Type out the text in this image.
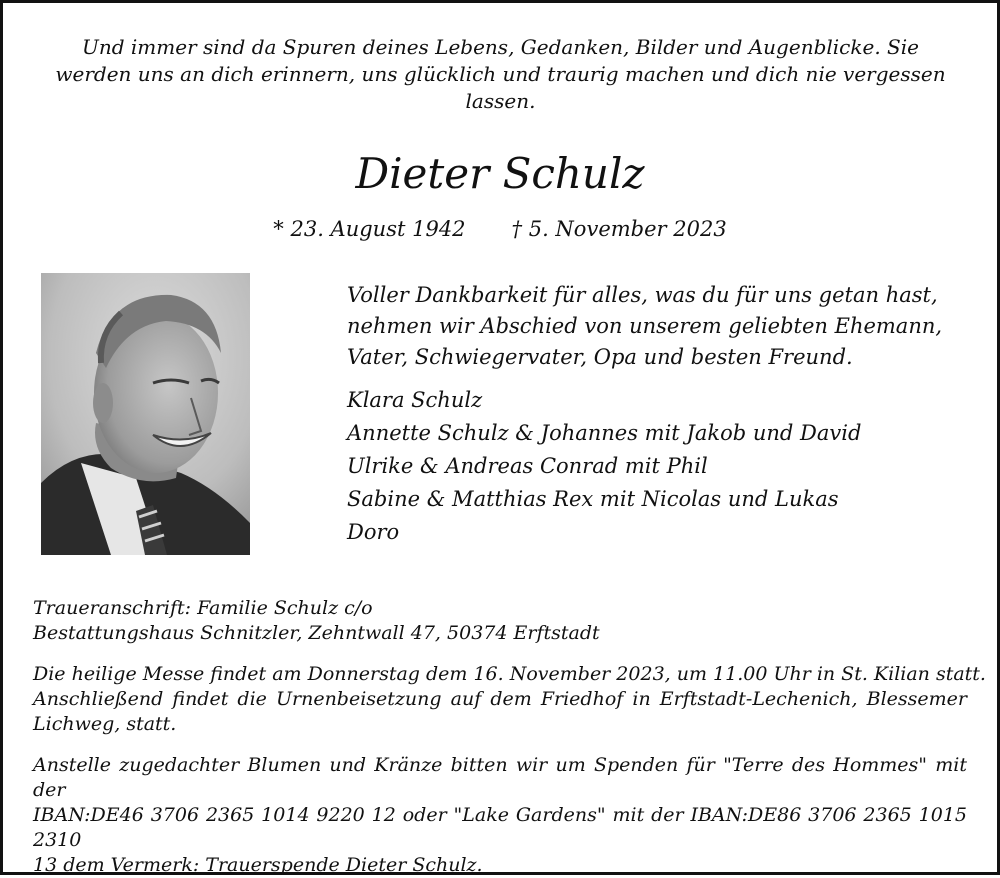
Und immer sind da Spuren deines Lebens, Gedanken, Bilder und Augenblicke. Sie werden uns an dich erinnern, uns glücklich und traurig machen und dich nie vergessen lassen.
Dieter Schulz
* 23. August 1942 † 5. November 2023
Voller Dankbarkeit für alles, was du für uns getan hast, nehmen wir Abschied von unserem geliebten Ehemann, Vater, Schwiegervater, Opa und besten Freund.
Klara Schulz
Annette Schulz & Johannes mit Jakob und David
Ulrike & Andreas Conrad mit Phil
Sabine & Matthias Rex mit Nicolas und Lukas
Doro
Traueranschrift: Familie Schulz c/o
Bestattungshaus Schnitzler, Zehntwall 47, 50374 Erftstadt
Die heilige Messe findet am Donnerstag dem 16. November 2023, um 11.00 Uhr in St. Kilian statt.
Anschließend findet die Urnenbeisetzung auf dem Friedhof in Erftstadt-Lechenich, Blessemer
Lichweg, statt.
Anstelle zugedachter Blumen und Kränze bitten wir um Spenden für "Terre des Hommes" mit der
IBAN:DE46 3706 2365 1014 9220 12 oder "Lake Gardens" mit der IBAN:DE86 3706 2365 1015 2310
13 dem Vermerk: Trauerspende Dieter Schulz.
